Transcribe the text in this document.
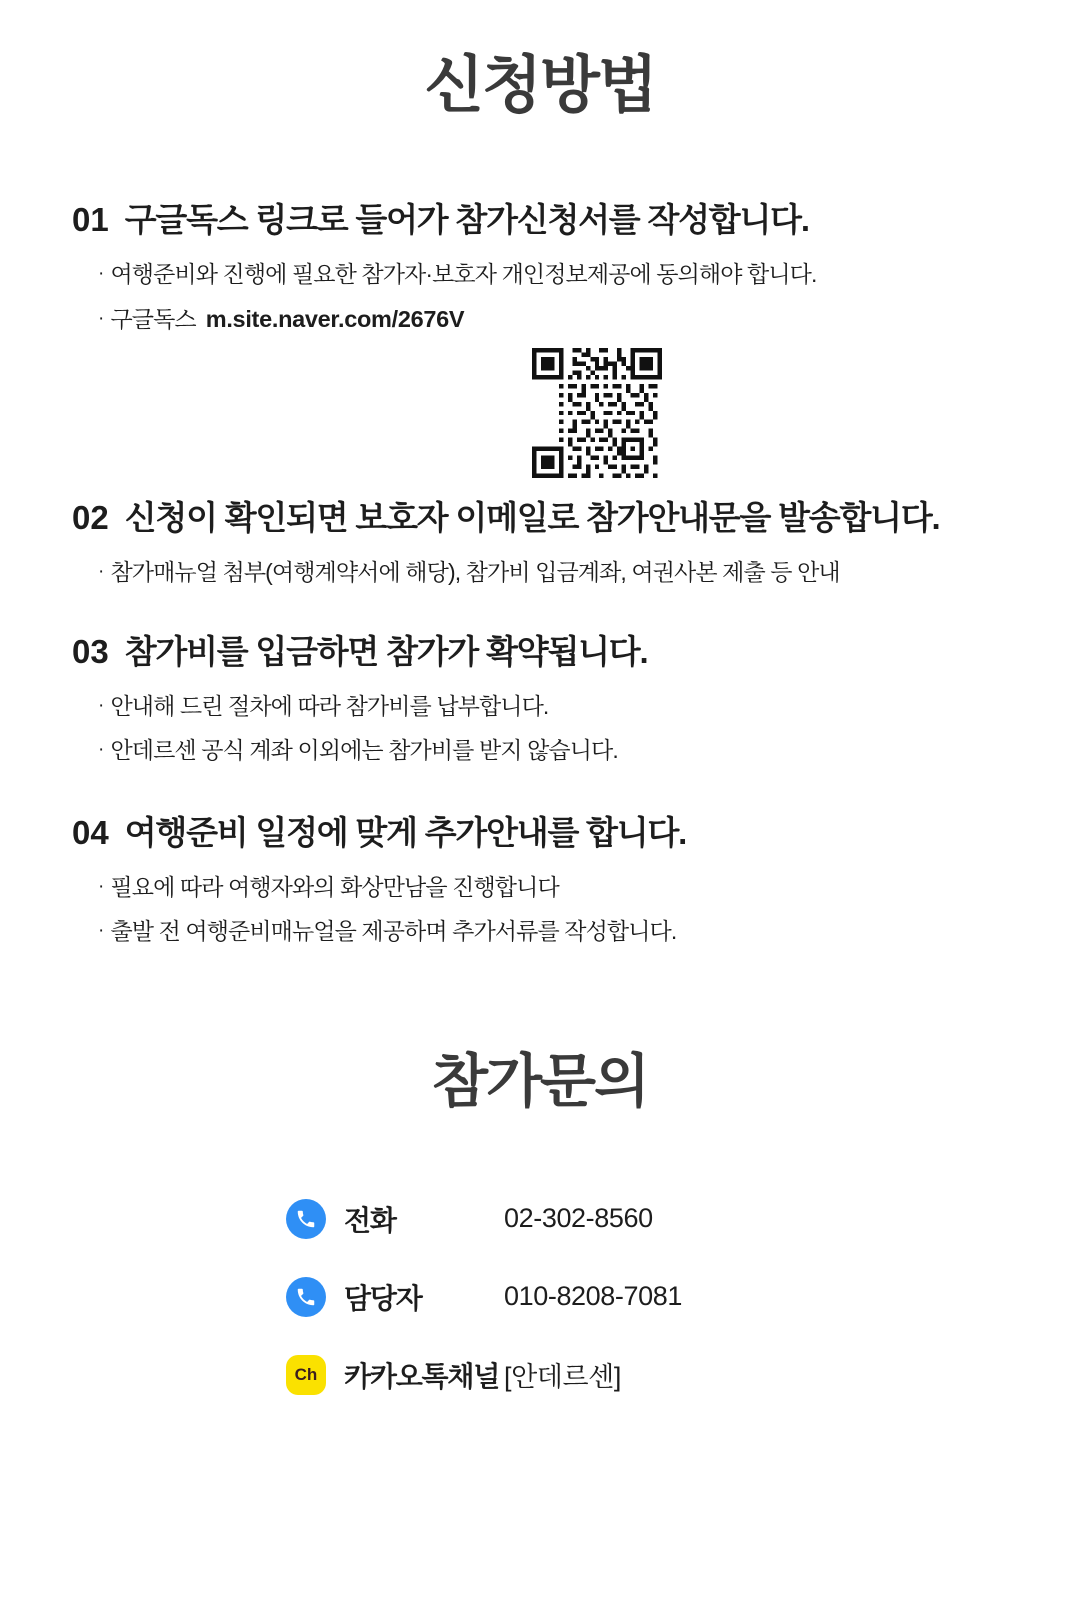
신청방법
01 구글독스 링크로 들어가 참가신청서를 작성합니다.
· 여행준비와 진행에 필요한 참가자·보호자 개인정보제공에 동의해야 합니다.
· 구글독스 m.site.naver.com/2676V
02 신청이 확인되면 보호자 이메일로 참가안내문을 발송합니다.
· 참가매뉴얼 첨부(여행계약서에 해당), 참가비 입금계좌, 여권사본 제출 등 안내
03 참가비를 입금하면 참가가 확약됩니다.
· 안내해 드린 절차에 따라 참가비를 납부합니다.
· 안데르센 공식 계좌 이외에는 참가비를 받지 않습니다.
04 여행준비 일정에 맞게 추가안내를 합니다.
· 필요에 따라 여행자와의 화상만남을 진행합니다
· 출발 전 여행준비매뉴얼을 제공하며 추가서류를 작성합니다.
참가문의
전화	02-302-8560
담당자	010-8208-7081
Ch 카카오톡채널 [안데르센]
